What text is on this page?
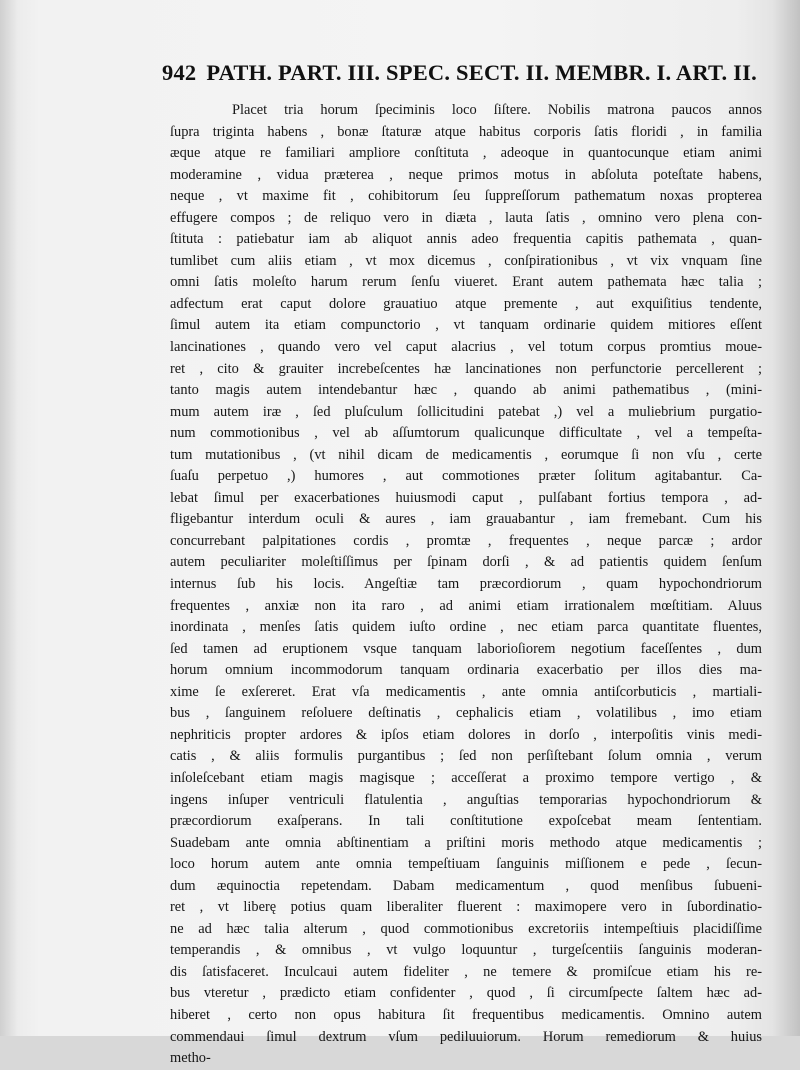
942 PATH. PART. III. SPEC. SECT. II. MEMBR. I. ART. II.
Placet tria horum ſpeciminis loco ſiſtere. Nobilis matrona paucos annos
ſupra triginta habens , bonæ ſtaturæ atque habitus corporis ſatis floridi , in familia
æque atque re familiari ampliore conſtituta , adeoque in quantocunque etiam animi
moderamine , vidua præterea , neque primos motus in abſoluta poteſtate habens,
neque , vt maxime fit , cohibitorum ſeu ſuppreſſorum pathematum noxas propterea
effugere compos ; de reliquo vero in diæta , lauta ſatis , omnino vero plena con-
ſtituta : patiebatur iam ab aliquot annis adeo frequentia capitis pathemata , quan-
tumlibet cum aliis etiam , vt mox dicemus , conſpirationibus , vt vix vnquam ſine
omni ſatis moleſto harum rerum ſenſu viueret. Erant autem pathemata hæc talia ;
adfectum erat caput dolore grauatiuo atque premente , aut exquiſitius tendente,
ſimul autem ita etiam compunctorio , vt tanquam ordinarie quidem mitiores eſſent
lancinationes , quando vero vel caput alacrius , vel totum corpus promtius moue-
ret , cito & grauiter increbeſcentes hæ lancinationes non perfunctorie percellerent ;
tanto magis autem intendebantur hæc , quando ab animi pathematibus , (mini-
mum autem iræ , ſed pluſculum ſollicitudini patebat ,) vel a muliebrium purgatio-
num commotionibus , vel ab aſſumtorum qualicunque difficultate , vel a tempeſta-
tum mutationibus , (vt nihil dicam de medicamentis , eorumque ſi non vſu , certe
ſuaſu perpetuo ,) humores , aut commotiones præter ſolitum agitabantur. Ca-
lebat ſimul per exacerbationes huiusmodi caput , pulſabant fortius tempora , ad-
fligebantur interdum oculi & aures , iam grauabantur , iam fremebant. Cum his
concurrebant palpitationes cordis , promtæ , frequentes , neque parcæ ; ardor
autem peculiariter moleſtiſſimus per ſpinam dorſi , & ad patientis quidem ſenſum
internus ſub his locis. Angeſtiæ tam præcordiorum , quam hypochondriorum
frequentes , anxiæ non ita raro , ad animi etiam irrationalem mœſtitiam. Aluus
inordinata , menſes ſatis quidem iuſto ordine , nec etiam parca quantitate fluentes,
ſed tamen ad eruptionem vsque tanquam laborioſiorem negotium faceſſentes , dum
horum omnium incommodorum tanquam ordinaria exacerbatio per illos dies ma-
xime ſe exſereret. Erat vſa medicamentis , ante omnia antiſcorbuticis , martiali-
bus , ſanguinem reſoluere deſtinatis , cephalicis etiam , volatilibus , imo etiam
nephriticis propter ardores & ipſos etiam dolores in dorſo , interpoſitis vinis medi-
catis , & aliis formulis purgantibus ; ſed non perſiſtebant ſolum omnia , verum
inſoleſcebant etiam magis magisque ; acceſſerat a proximo tempore vertigo , &
ingens inſuper ventriculi flatulentia , anguſtias temporarias hypochondriorum &
præcordiorum exaſperans. In tali conſtitutione expoſcebat meam ſententiam.
Suadebam ante omnia abſtinentiam a priſtini moris methodo atque medicamentis ;
loco horum autem ante omnia tempeſtiuam ſanguinis miſſionem e pede , ſecun-
dum æquinoctia repetendam. Dabam medicamentum , quod menſibus ſubueni-
ret , vt liberę potius quam liberaliter fluerent : maximopere vero in ſubordinatio-
ne ad hæc talia alterum , quod commotionibus excretoriis intempeſtiuis placidiſſime
temperandis , & omnibus , vt vulgo loquuntur , turgeſcentiis ſanguinis moderan-
dis ſatisfaceret. Inculcaui autem fideliter , ne temere & promiſcue etiam his re-
bus vteretur , prædicto etiam confidenter , quod , ſi circumſpecte ſaltem hæc ad-
hiberet , certo non opus habitura ſit frequentibus medicamentis. Omnino autem
commendaui ſimul dextrum vſum pediluuiorum. Horum remediorum & huius
metho-
